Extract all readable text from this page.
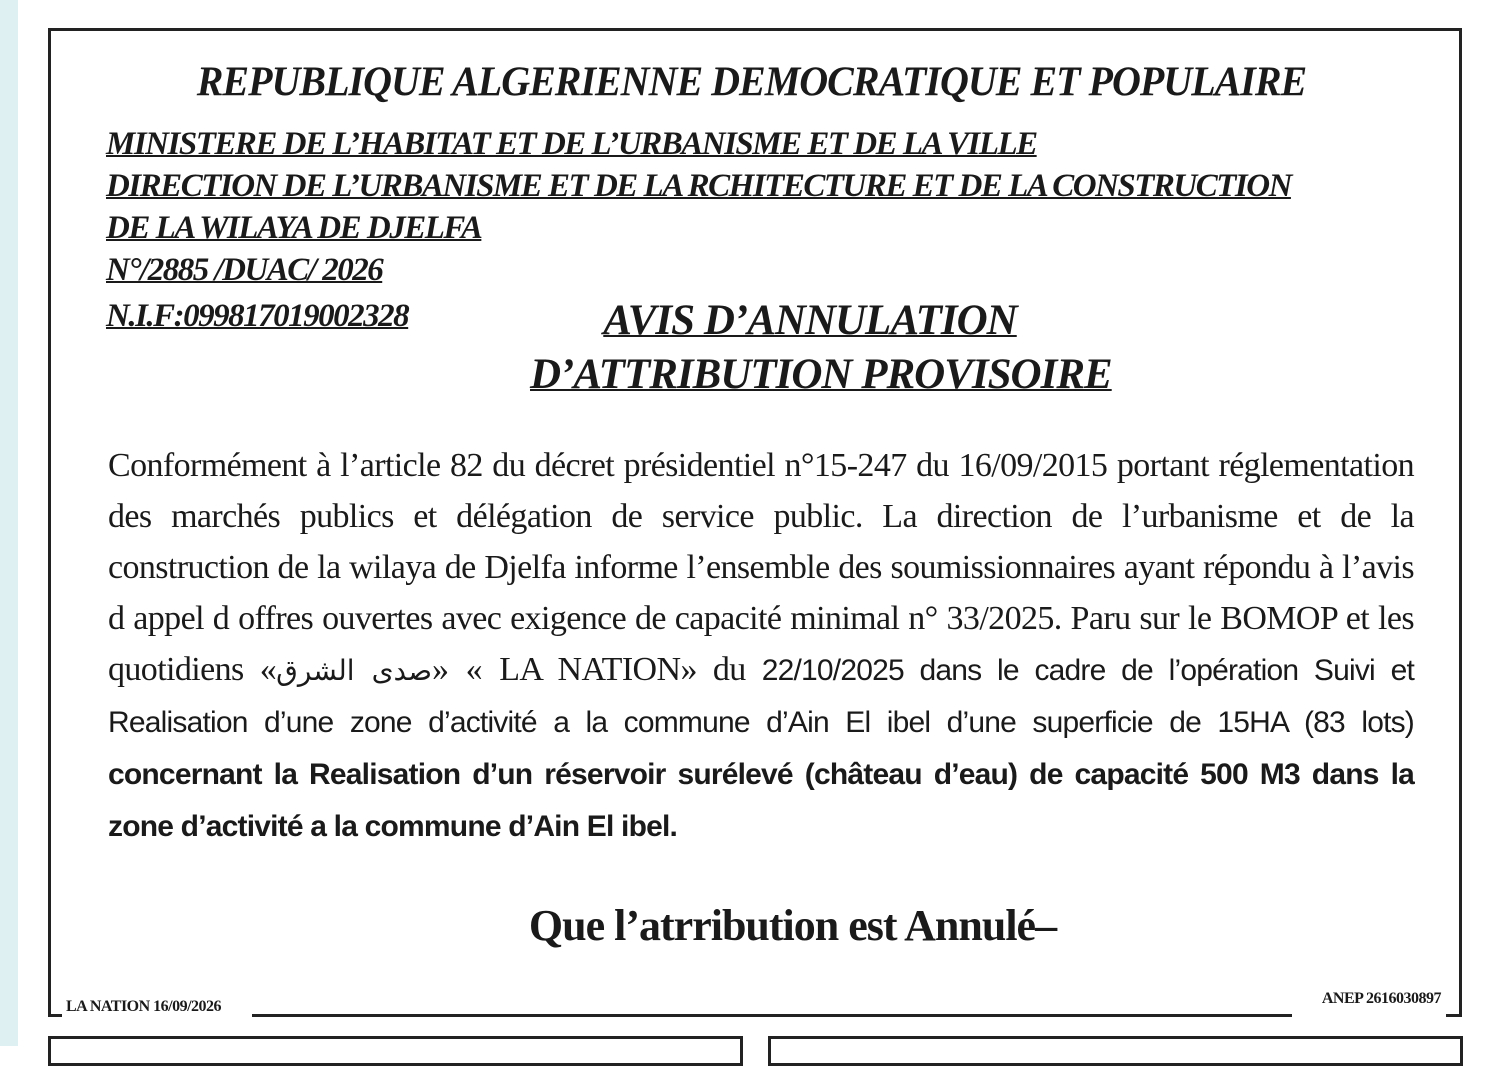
REPUBLIQUE ALGERIENNE DEMOCRATIQUE ET POPULAIRE
MINISTERE DE L’HABITAT ET DE L’URBANISME ET DE LA VILLE
DIRECTION DE L’URBANISME ET DE LA RCHITECTURE ET DE LA CONSTRUCTION
DE LA WILAYA DE DJELFA
N°/2885 /DUAC/ 2026
N.I.F:099817019002328	AVIS D’ANNULATION
D’ATTRIBUTION PROVISOIRE
Conformément à l’article 82 du décret présidentiel n°15-247 du 16/09/2015 portant réglementation des marchés publics et délégation de service public. La direction de l’urbanisme et de la construction de la wilaya de Djelfa informe l’ensemble des soumissionnaires ayant répondu à l’avis d appel d offres ouvertes avec exigence de capacité minimal n° 33/2025. Paru sur le BOMOP et les quotidiens «صدى الشرق» « LA NATION» du 22/10/2025 dans le cadre de l’opération Suivi et Realisation d’une zone d’activité a la commune d’Ain El ibel d’une superficie de 15HA (83 lots) concernant la Realisation d’un réservoir surélevé (château d’eau) de capacité 500 M3 dans la zone d’activité a la commune d’Ain El ibel.
Que l’atrribution est Annulé–
LA NATION 16/09/2026	ANEP 2616030897
